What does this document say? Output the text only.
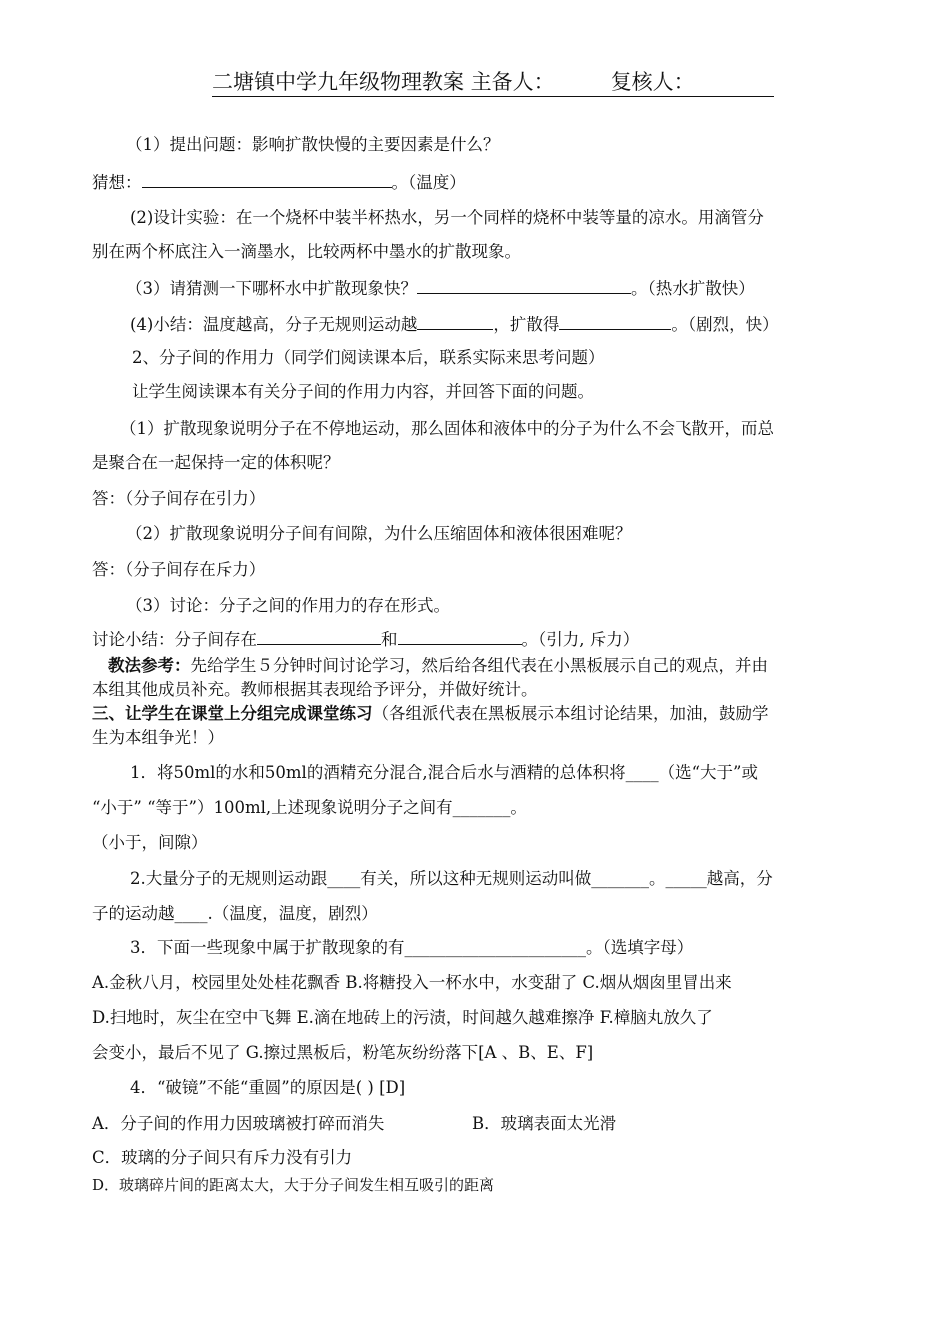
二塘镇中学九年级物理教案 主备人：	复核人：
（1）提出问题：影响扩散快慢的主要因素是什么？
猜想：	。（温度）
(2)设计实验：在一个烧杯中装半杯热水，另一个同样的烧杯中装等量的凉水。用滴管分
别在两个杯底注入一滴墨水，比较两杯中墨水的扩散现象。
（3）请猜测一下哪杯水中扩散现象快？	。（热水扩散快）
(4)小结：温度越高，分子无规则运动越	，扩散得	。（剧烈，快）
2、分子间的作用力（同学们阅读课本后，联系实际来思考问题）
让学生阅读课本有关分子间的作用力内容，并回答下面的问题。
（1）扩散现象说明分子在不停地运动，那么固体和液体中的分子为什么不会飞散开，而总
是聚合在一起保持一定的体积呢？
答：（分子间存在引力）
（2）扩散现象说明分子间有间隙，为什么压缩固体和液体很困难呢？
答：（分子间存在斥力）
（3）讨论：分子之间的作用力的存在形式。
讨论小结：分子间存在	和	。（引力, 斥力）
教法参考：先给学生５分钟时间讨论学习，然后给各组代表在小黑板展示自己的观点，并由
本组其他成员补充。教师根据其表现给予评分，并做好统计。
三、让学生在课堂上分组完成课堂练习（各组派代表在黑板展示本组讨论结果，加油，鼓励学
生为本组争光！）
1．将50ml的水和50ml的酒精充分混合,混合后水与酒精的总体积将____（选“大于”或
“小于” “等于”）100ml,上述现象说明分子之间有_______。
（小于，间隙）
2.大量分子的无规则运动跟____有关，所以这种无规则运动叫做_______。_____越高，分
子的运动越____.（温度，温度，剧烈）
3．下面一些现象中属于扩散现象的有______________________。（选填字母）
A.金秋八月，校园里处处桂花飘香 B.将糖投入一杯水中，水变甜了 C.烟从烟囱里冒出来
D.扫地时，灰尘在空中飞舞 E.滴在地砖上的污渍，时间越久越难擦净 F.樟脑丸放久了
会变小，最后不见了 G.擦过黑板后，粉笔灰纷纷落下[A 、B、E、F]
4．“破镜”不能“重圆”的原因是( ) [D]
A．分子间的作用力因玻璃被打碎而消失	B．玻璃表面太光滑
C．玻璃的分子间只有斥力没有引力
D．玻璃碎片间的距离太大，大于分子间发生相互吸引的距离
